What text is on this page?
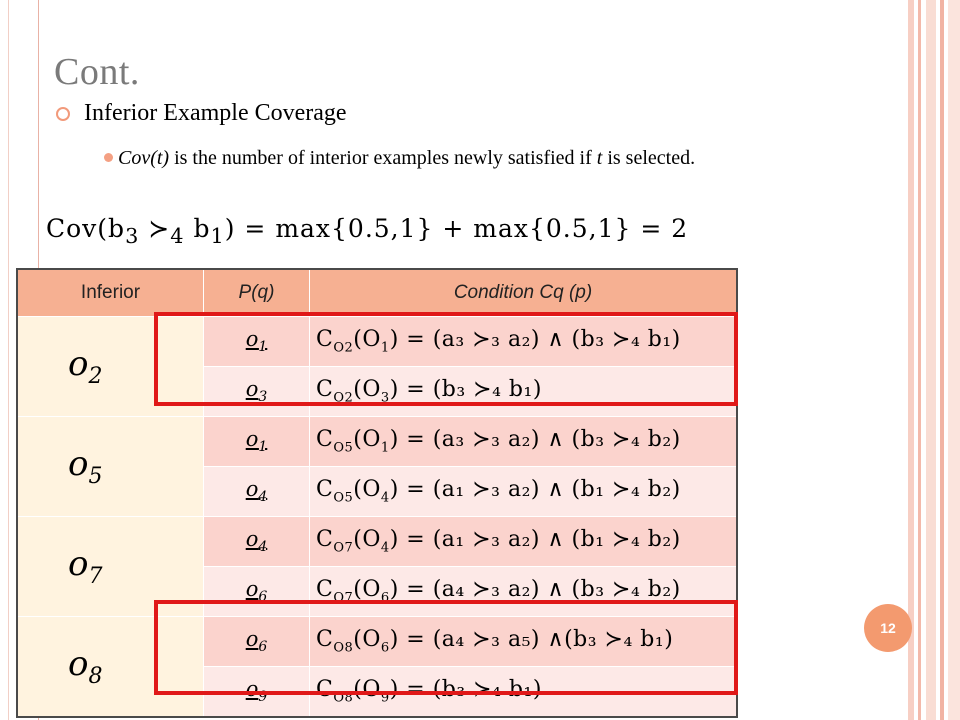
Cont.
Inferior Example Coverage
Cov(t) is the number of interior examples newly satisfied if t is selected.
$Cov(b_3$ $≻_4$ $b_1) = \max\{0.5,1\} + \max\{0.5,1\} = 2$
Inferior	P(q)	Condition Cq (p)
$o_2$	$o_1$	$C_{O2}(O_1) = (a_3$ ≻₃ a₂) ∧ (b₃ ≻₄ b₁)
	$o_3$	$C_{O2}(O_3) = (b_3$ ≻₄ b₁)
$o_5$	$o_1$	$C_{O5}(O_1) = (a_3$ ≻₃ a₂) ∧ (b₃ ≻₄ b₂)
	$o_4$	$C_{O5}(O_4) = (a_1$ ≻₃ a₂) ∧ (b₁ ≻₄ b₂)
$o_7$	$o_4$	$C_{O7}(O_4) = (a_1$ ≻₃ a₂) ∧ (b₁ ≻₄ b₂)
	$o_6$	$C_{O7}(O_6) = (a_4$ ≻₃ a₂) ∧ (b₃ ≻₄ b₂)
$o_8$	$o_6$	$C_{O8}(O_6) = (a_4$ ≻₃ a₅) ∧(b₃ ≻₄ b₁)
	$o_9$	$C_{O8}(O_9) = (b_3$ ≻₄ b₁)
12
